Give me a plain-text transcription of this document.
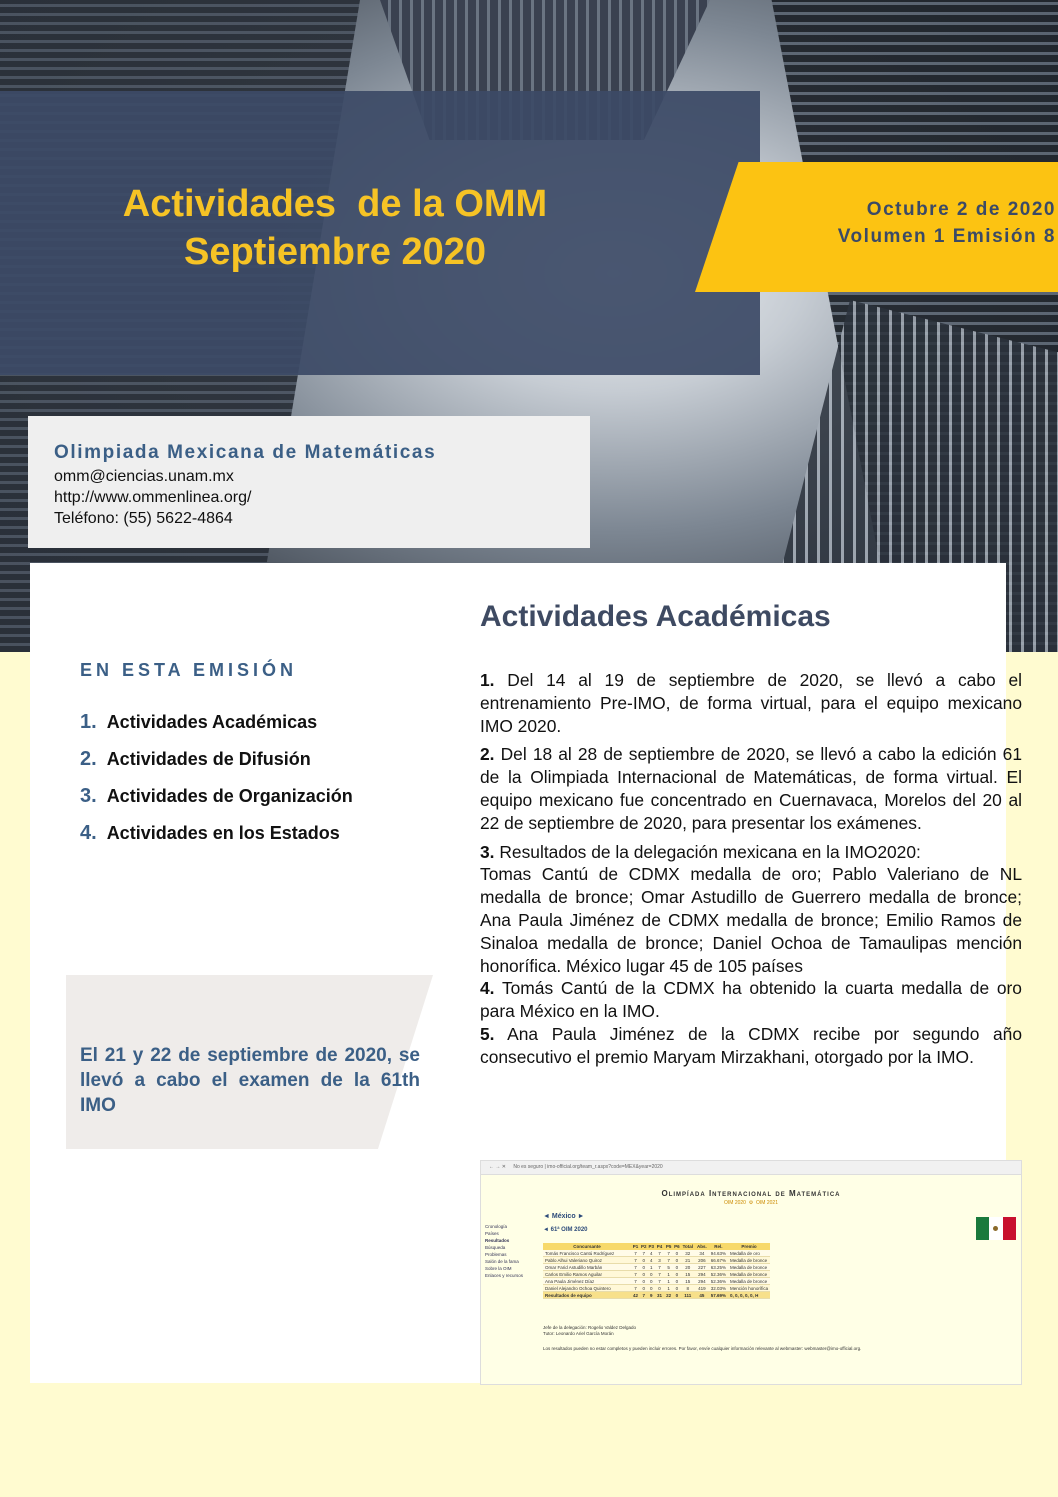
Actividades  de la OMM
Septiembre 2020
Octubre 2 de 2020
Volumen 1 Emisión 8
Olimpiada Mexicana de Matemáticas
omm@ciencias.unam.mx
http://www.ommenlinea.org/
Teléfono: (55) 5622-4864
EN ESTA EMISIÓN
1. Actividades Académicas
2. Actividades de Difusión
3. Actividades de Organización
4. Actividades en los Estados
El 21 y 22 de septiembre de 2020, se llevó a cabo el examen de la 61th IMO
Actividades Académicas

1. Del 14 al 19 de septiembre de 2020, se llevó a cabo el entrenamiento Pre-IMO, de forma virtual, para el equipo mexicano IMO 2020.

2. Del 18 al 28 de septiembre de 2020, se llevó a cabo la edición 61 de la Olimpiada Internacional de Matemáticas, de forma virtual. El equipo mexicano fue concentrado en Cuernavaca, Morelos del 20 al 22 de septiembre de 2020, para presentar los exámenes.

3. Resultados de la delegación mexicana en la IMO2020:
Tomas Cantú de CDMX medalla de oro; Pablo Valeriano de NL medalla de bronce; Omar Astudillo de Guerrero medalla de bronce; Ana Paula Jiménez de CDMX medalla de bronce; Emilio Ramos de Sinaloa medalla de bronce; Daniel Ochoa de Tamaulipas mención honorífica. México lugar 45 de 105 países

4. Tomás Cantú de la CDMX ha obtenido la cuarta medalla de oro para México en la IMO.

5. Ana Paula Jiménez de la CDMX recibe por segundo año consecutivo el premio Maryam Mirzakhani, otorgado por la IMO.

← → ✕ No es seguro | imo-official.org/team_r.aspx?code=MEX&year=2020
Olimpíada Internacional de Matemática
OIM 2020  ⚙  OIM 2021
Cronología
Países
Resultados
Búsqueda
Problemas
Salón de la fama
Sobre la OIM
Enlaces y recursos
◄ México ►
◄ 61ª OIM 2020
Concursante	P1	P2	P3	P4	P5	P6	Total	Abs.	Rel.	Premio
Tomás Francisco Cantú Rodríguez	7	7	4	7	7	0	32	34	94.63%	Medalla de oro
Pablo Alhui Valeriano Quiroz	7	0	4	3	7	0	21	206	66.67%	Medalla de bronce
Omar Farid Astudillo Marbán	7	0	1	7	5	0	20	227	63.25%	Medalla de bronce
Carlos Emilio Ramos Aguilar	7	0	0	7	1	0	15	294	52.36%	Medalla de bronce
Ana Paula Jiménez Díaz	7	0	0	7	1	0	15	294	52.36%	Medalla de bronce
Daniel Alejandro Ochoa Quintero	7	0	0	0	1	0	8	419	32.03%	Mención honorífica
Resultados de equipo	42	7	9	31	22	0	111	45	57.69%	0, 0, 0, 0, 0, H
Jefe de la delegación: Rogelio Valdez Delgado
Tutor: Leonardo Ariel García Morán
Los resultados pueden no estar completos y pueden incluir errores. Por favor, envíe cualquier información relevante al webmaster: webmaster@imo-official.org.
